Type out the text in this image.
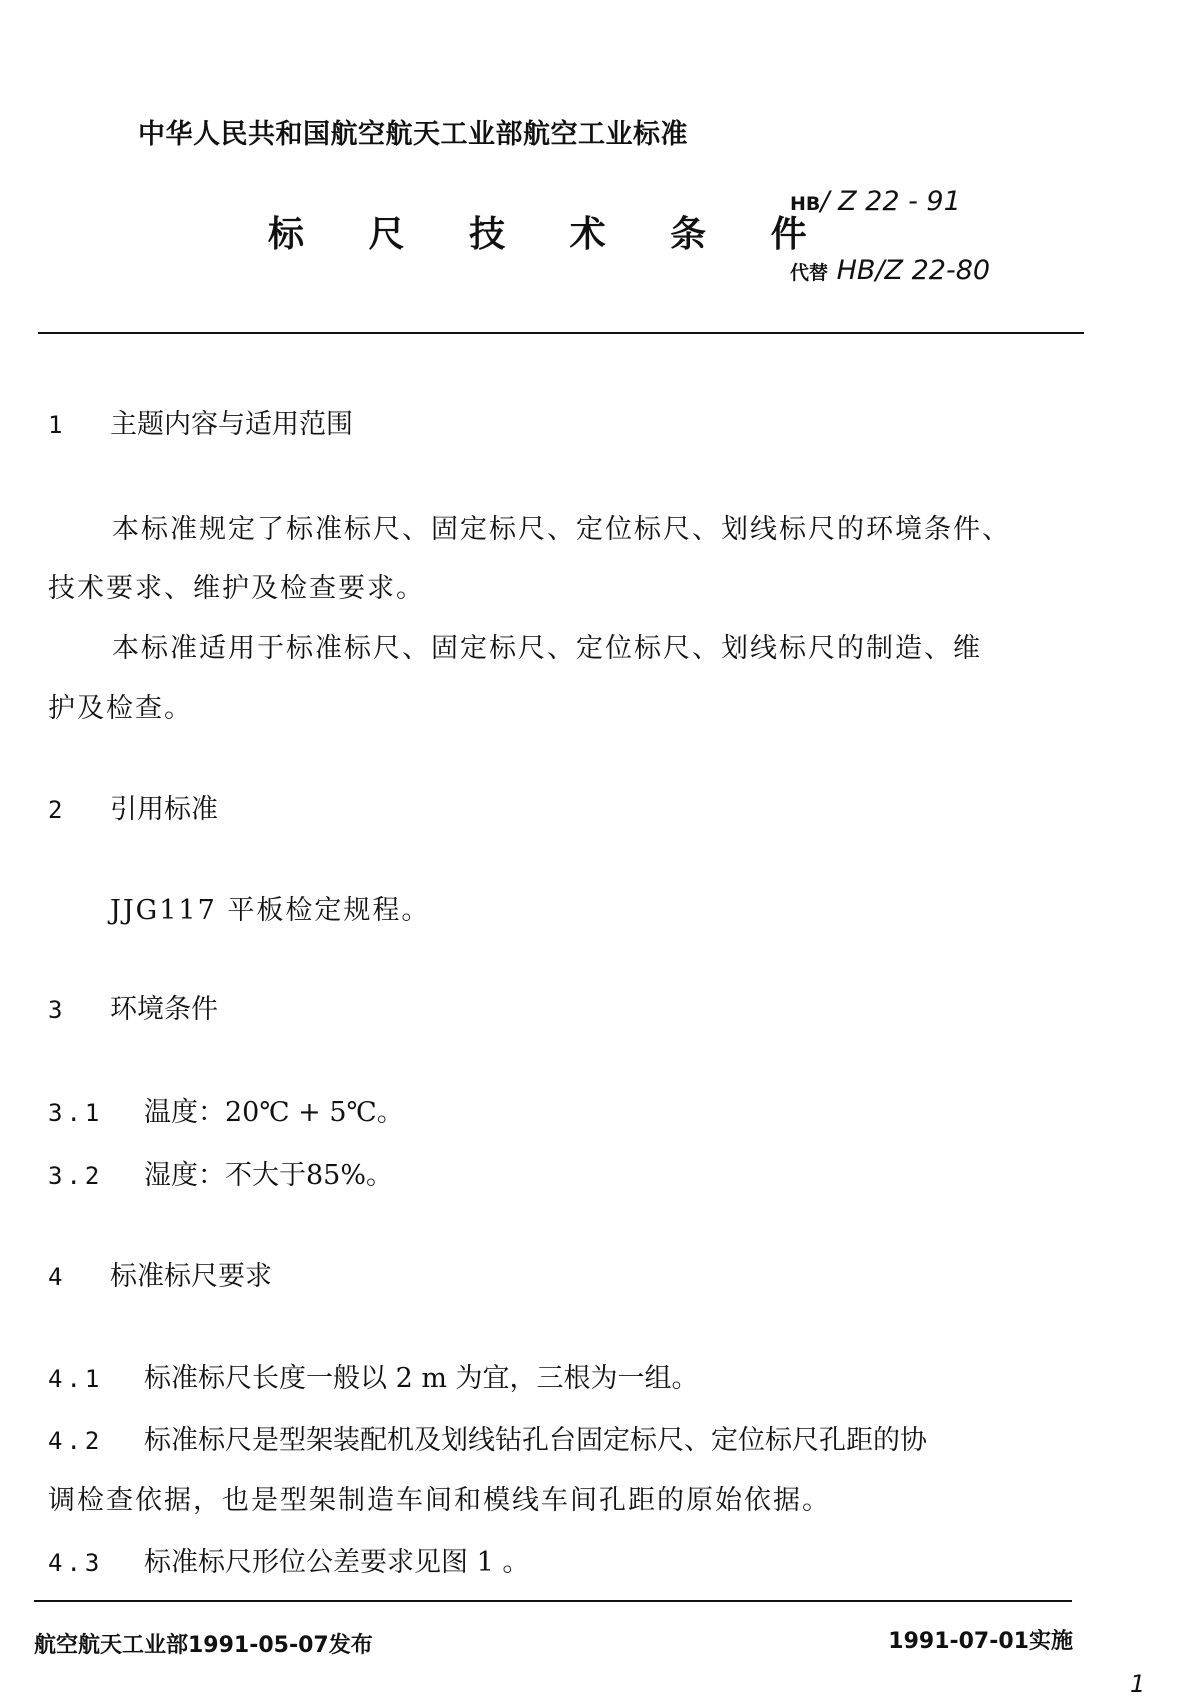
中华人民共和国航空航天工业部航空工业标准
标 尺 技 术 条 件
HB/ Z 22 - 91
代替 HB/Z 22-80
1 主题内容与适用范围
本标准规定了标准标尺、固定标尺、定位标尺、划线标尺的环境条件、
技术要求、维护及检查要求。
本标准适用于标准标尺、固定标尺、定位标尺、划线标尺的制造、维
护及检查。
2 引用标准
JJG117 平板检定规程。
3 环境条件
3.1 温度：20℃ + 5℃。
3.2 湿度：不大于85%。
4 标准标尺要求
4.1 标准标尺长度一般以 2 m 为宜，三根为一组。
4.2 标准标尺是型架装配机及划线钻孔台固定标尺、定位标尺孔距的协
调检查依据，也是型架制造车间和模线车间孔距的原始依据。
4.3 标准标尺形位公差要求见图 1 。
航空航天工业部1991-05-07发布	1991-07-01实施
1
